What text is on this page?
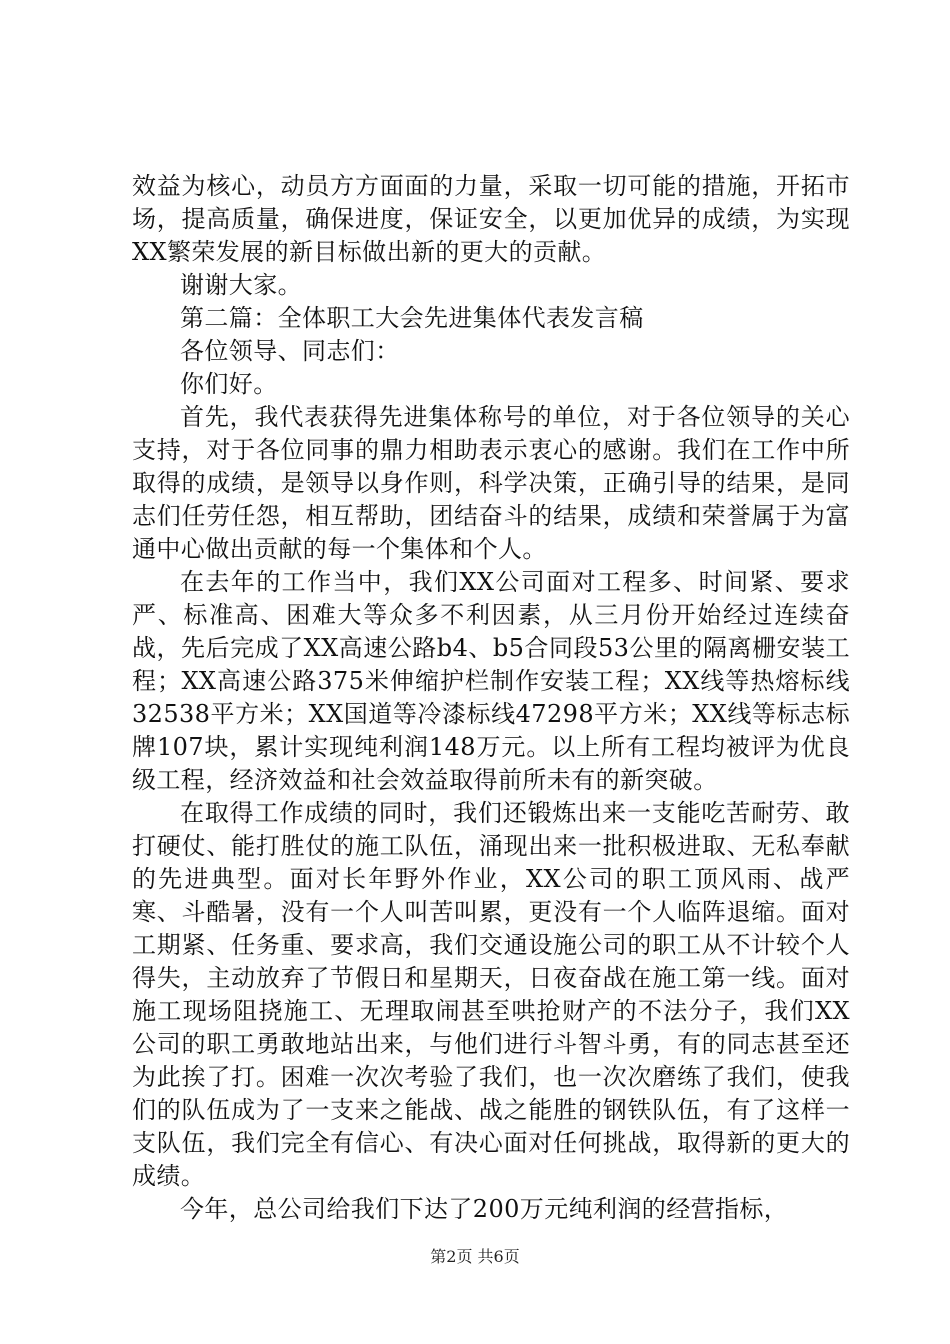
效益为核心，动员方方面面的力量，采取一切可能的措施，开拓市场，提高质量，确保进度，保证安全，以更加优异的成绩，为实现XX繁荣发展的新目标做出新的更大的贡献。

谢谢大家。

第二篇：全体职工大会先进集体代表发言稿

各位领导、同志们：

你们好。

首先，我代表获得先进集体称号的单位，对于各位领导的关心支持，对于各位同事的鼎力相助表示衷心的感谢。我们在工作中所取得的成绩，是领导以身作则，科学决策，正确引导的结果，是同志们任劳任怨，相互帮助，团结奋斗的结果，成绩和荣誉属于为富通中心做出贡献的每一个集体和个人。

在去年的工作当中，我们XX公司面对工程多、时间紧、要求严、标准高、困难大等众多不利因素，从三月份开始经过连续奋战，先后完成了XX高速公路b4、b5合同段53公里的隔离栅安装工程；XX高速公路375米伸缩护栏制作安装工程；XX线等热熔标线32538平方米；XX国道等冷漆标线47298平方米；XX线等标志标牌107块，累计实现纯利润148万元。以上所有工程均被评为优良级工程，经济效益和社会效益取得前所未有的新突破。

在取得工作成绩的同时，我们还锻炼出来一支能吃苦耐劳、敢打硬仗、能打胜仗的施工队伍，涌现出来一批积极进取、无私奉献的先进典型。面对长年野外作业，XX公司的职工顶风雨、战严寒、斗酷暑，没有一个人叫苦叫累，更没有一个人临阵退缩。面对工期紧、任务重、要求高，我们交通设施公司的职工从不计较个人得失，主动放弃了节假日和星期天，日夜奋战在施工第一线。面对施工现场阻挠施工、无理取闹甚至哄抢财产的不法分子，我们XX公司的职工勇敢地站出来，与他们进行斗智斗勇，有的同志甚至还为此挨了打。困难一次次考验了我们，也一次次磨练了我们，使我们的队伍成为了一支来之能战、战之能胜的钢铁队伍，有了这样一支队伍，我们完全有信心、有决心面对任何挑战，取得新的更大的成绩。

今年，总公司给我们下达了200万元纯利润的经营指标，

第2页 共6页
